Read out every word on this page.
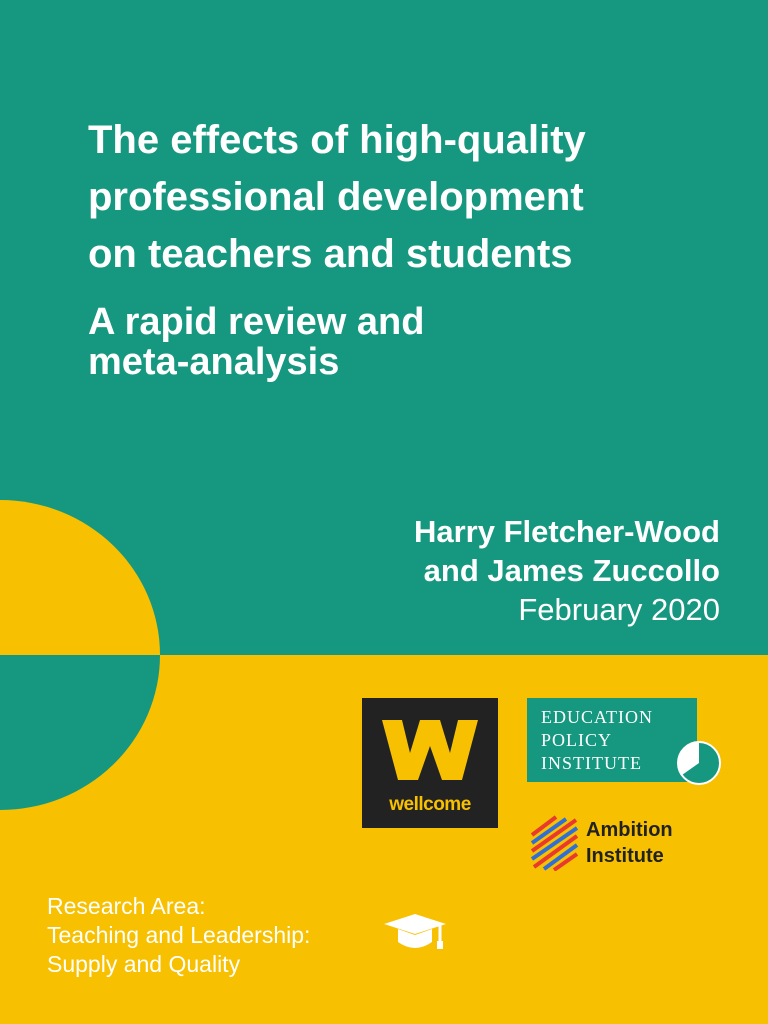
The effects of high-quality
professional development
on teachers and students
A rapid review and
meta-analysis
Harry Fletcher-Wood
and James Zuccollo
February 2020
wellcome
EDUCATION
POLICY
INSTITUTE
Ambition
Institute
Research Area:
Teaching and Leadership:
Supply and Quality
